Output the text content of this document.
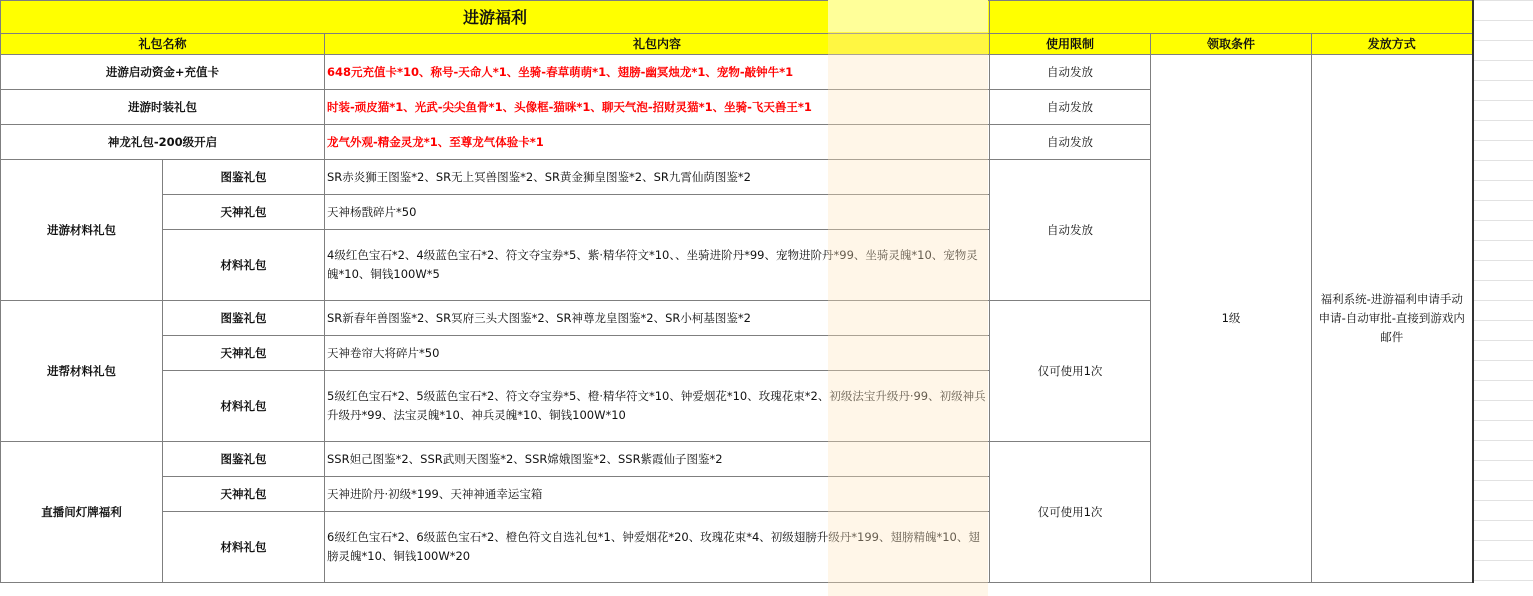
进游福利					
礼包名称		礼包内容	使用限制	领取条件	发放方式
进游启动资金+充值卡		648元充值卡*10、称号-天命人*1、坐骑-春草萌萌*1、翅膀-幽冥烛龙*1、宠物-敲钟牛*1	自动发放	1级	福利系统-进游福利申请手动申请-自动审批-直接到游戏内邮件
进游时装礼包		时装-顽皮猫*1、光武-尖尖鱼骨*1、头像框-猫咪*1、聊天气泡-招财灵猫*1、坐骑-飞天兽王*1	自动发放		
神龙礼包-200级开启		龙气外观-精金灵龙*1、至尊龙气体验卡*1	自动发放		
进游材料礼包	图鉴礼包	SR赤炎狮王图鉴*2、SR无上冥兽图鉴*2、SR黄金狮皇图鉴*2、SR九霄仙荫图鉴*2	自动发放		
	天神礼包	天神杨戬碎片*50			
	材料礼包	4级红色宝石*2、4级蓝色宝石*2、符文夺宝券*5、紫·精华符文*10、、坐骑进阶丹*99、宠物进阶丹*99、坐骑灵魄*10、宠物灵魄*10、铜钱100W*5			
进帮材料礼包	图鉴礼包	SR新春年兽图鉴*2、SR冥府三头犬图鉴*2、SR神尊龙皇图鉴*2、SR小柯基图鉴*2	仅可使用1次		
	天神礼包	天神卷帘大将碎片*50			
	材料礼包	5级红色宝石*2、5级蓝色宝石*2、符文夺宝券*5、橙·精华符文*10、钟爱烟花*10、玫瑰花束*2、初级法宝升级丹·99、初级神兵升级丹*99、法宝灵魄*10、神兵灵魄*10、铜钱100W*10			
直播间灯牌福利	图鉴礼包	SSR妲己图鉴*2、SSR武则天图鉴*2、SSR嫦娥图鉴*2、SSR紫霞仙子图鉴*2	仅可使用1次		
	天神礼包	天神进阶丹·初级*199、天神神通幸运宝箱			
	材料礼包	6级红色宝石*2、6级蓝色宝石*2、橙色符文自选礼包*1、钟爱烟花*20、玫瑰花束*4、初级翅膀升级丹*199、翅膀精魄*10、翅膀灵魄*10、铜钱100W*20			
